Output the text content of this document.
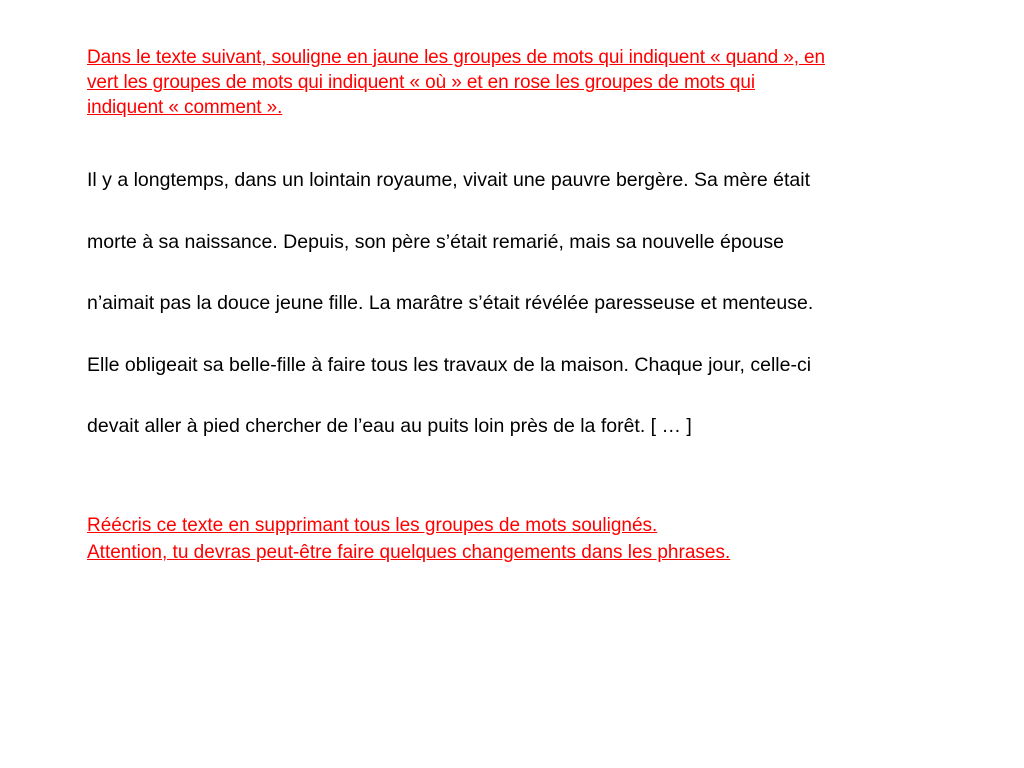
Dans le texte suivant, souligne en jaune les groupes de mots qui indiquent « quand », en
vert les groupes de mots qui indiquent « où » et en rose les groupes de mots qui
indiquent « comment ».
Il y a longtemps, dans un lointain royaume, vivait une pauvre bergère. Sa mère était
morte à sa naissance. Depuis, son père s’était remarié, mais sa nouvelle épouse
n’aimait pas la douce jeune fille. La marâtre s’était révélée paresseuse et menteuse.
Elle obligeait sa belle-fille à faire tous les travaux de la maison. Chaque jour, celle-ci
devait aller à pied chercher de l’eau au puits loin près de la forêt. [ … ]
Réécris ce texte en supprimant tous les groupes de mots soulignés.
Attention, tu devras peut-être faire quelques changements dans les phrases.
